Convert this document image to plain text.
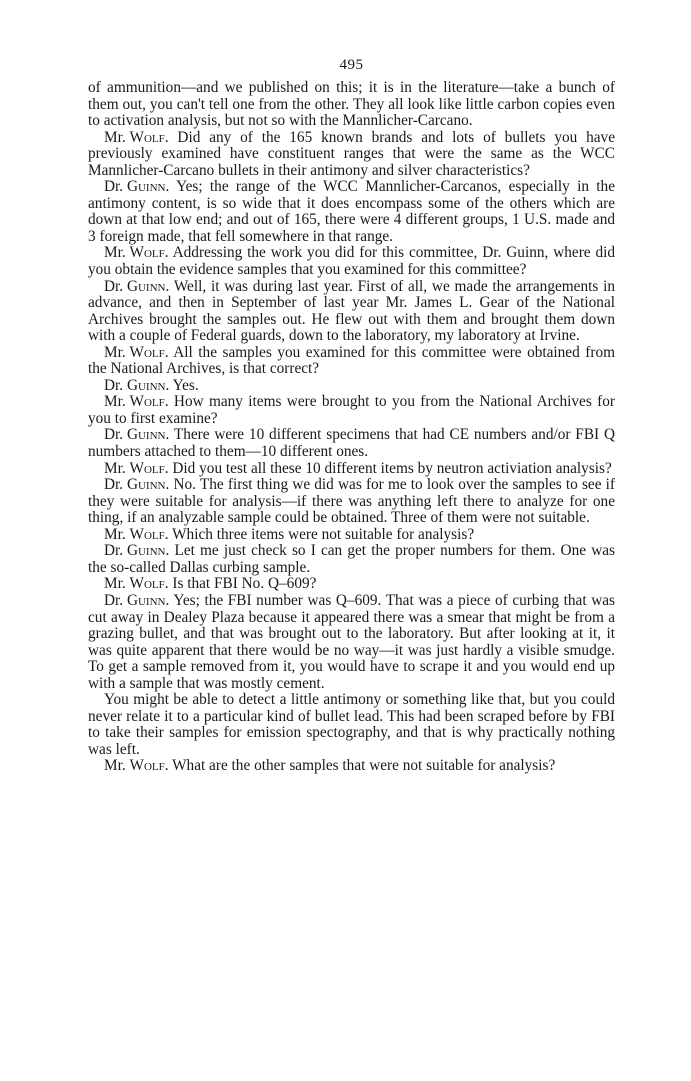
495

of ammunition—and we published on this; it is in the literature—take a bunch of them out, you can't tell one from the other. They all look like little carbon copies even to activation analysis, but not so with the Mannlicher-Carcano.

Mr. Wolf. Did any of the 165 known brands and lots of bullets you have previously examined have constituent ranges that were the same as the WCC Mannlicher-Carcano bullets in their antimony and silver characteristics?

Dr. Guinn. Yes; the range of the WCC Mannlicher-Carcanos, especially in the antimony content, is so wide that it does encompass some of the others which are down at that low end; and out of 165, there were 4 different groups, 1 U.S. made and 3 foreign made, that fell somewhere in that range.

Mr. Wolf. Addressing the work you did for this committee, Dr. Guinn, where did you obtain the evidence samples that you examined for this committee?

Dr. Guinn. Well, it was during last year. First of all, we made the arrangements in advance, and then in September of last year Mr. James L. Gear of the National Archives brought the samples out. He flew out with them and brought them down with a couple of Federal guards, down to the laboratory, my laboratory at Irvine.

Mr. Wolf. All the samples you examined for this committee were obtained from the National Archives, is that correct?

Dr. Guinn. Yes.

Mr. Wolf. How many items were brought to you from the National Archives for you to first examine?

Dr. Guinn. There were 10 different specimens that had CE numbers and/or FBI Q numbers attached to them—10 different ones.

Mr. Wolf. Did you test all these 10 different items by neutron activiation analysis?

Dr. Guinn. No. The first thing we did was for me to look over the samples to see if they were suitable for analysis—if there was anything left there to analyze for one thing, if an analyzable sample could be obtained. Three of them were not suitable.

Mr. Wolf. Which three items were not suitable for analysis?

Dr. Guinn. Let me just check so I can get the proper numbers for them. One was the so-called Dallas curbing sample.

Mr. Wolf. Is that FBI No. Q–609?

Dr. Guinn. Yes; the FBI number was Q–609. That was a piece of curbing that was cut away in Dealey Plaza because it appeared there was a smear that might be from a grazing bullet, and that was brought out to the laboratory. But after looking at it, it was quite apparent that there would be no way—it was just hardly a visible smudge. To get a sample removed from it, you would have to scrape it and you would end up with a sample that was mostly cement.

You might be able to detect a little antimony or something like that, but you could never relate it to a particular kind of bullet lead. This had been scraped before by FBI to take their samples for emission spectography, and that is why practically nothing was left.

Mr. Wolf. What are the other samples that were not suitable for analysis?
